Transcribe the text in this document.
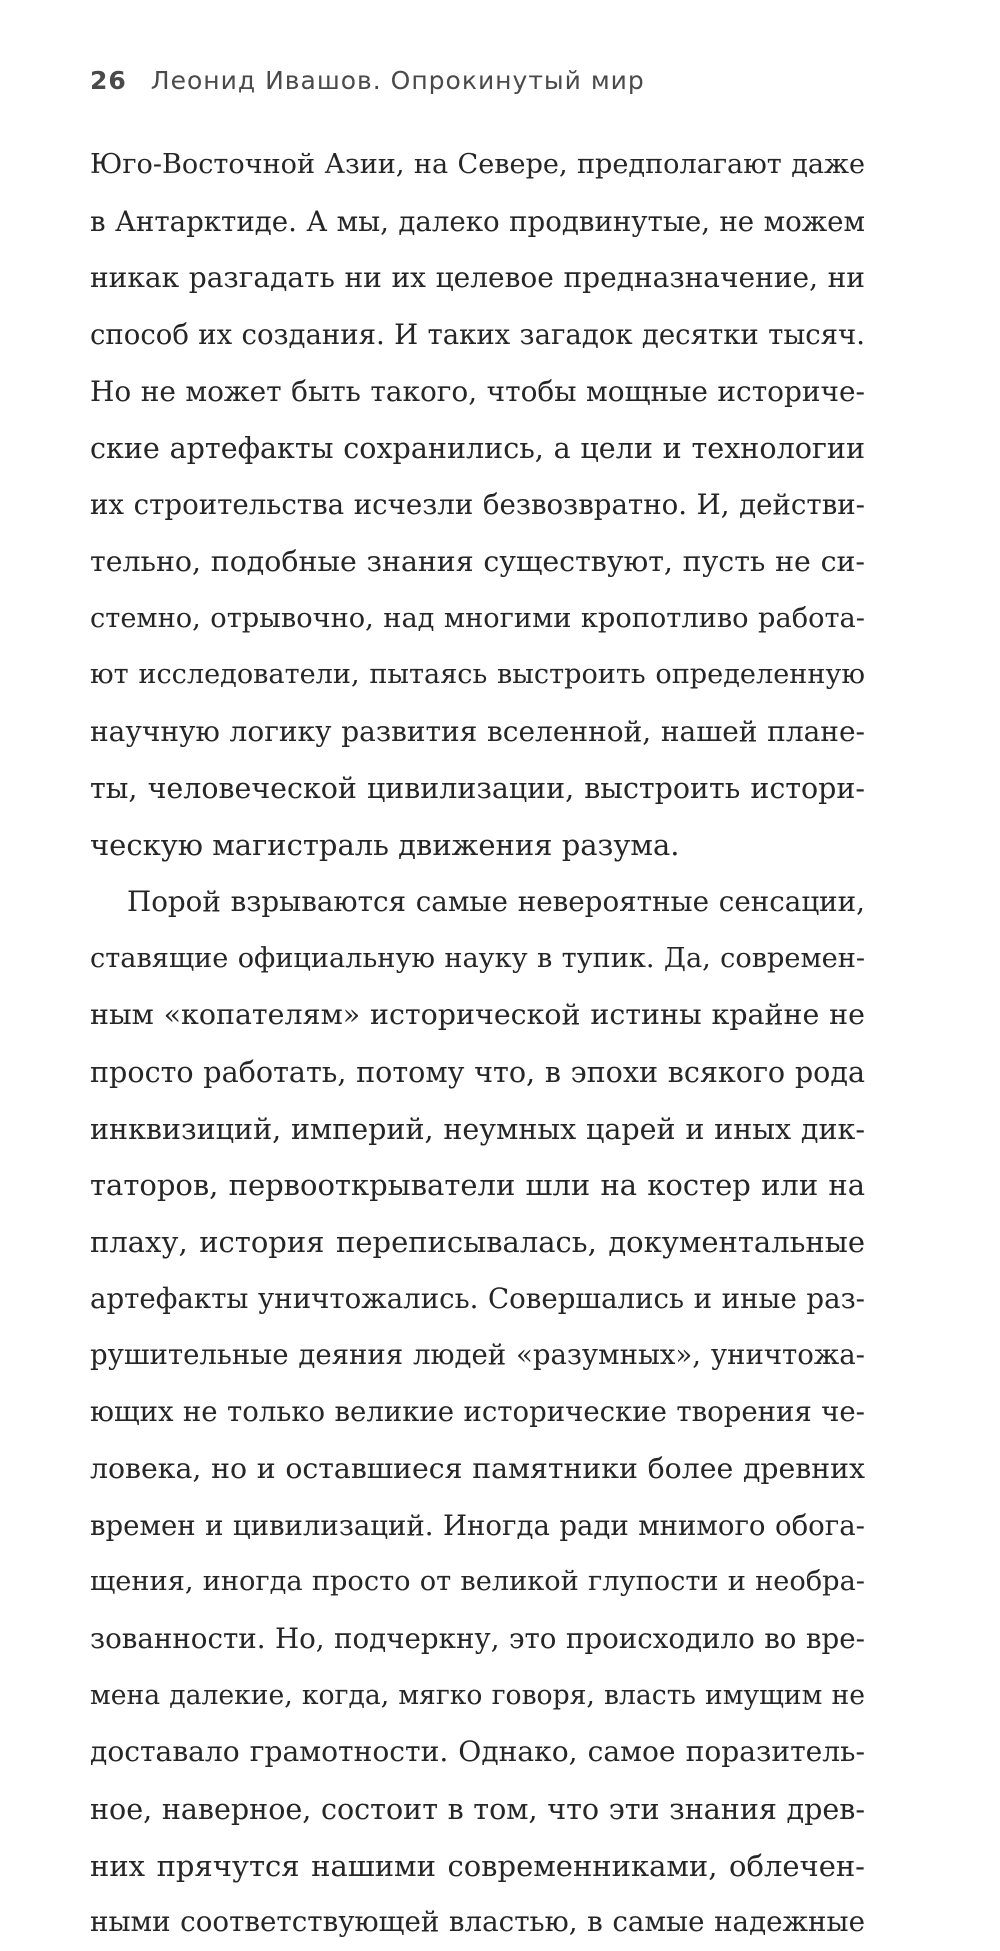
26 Леонид Ивашов. Опрокинутый мир
Юго-Восточной Азии, на Севере, предполагают даже
в Антарктиде. А мы, далеко продвинутые, не можем
никак разгадать ни их целевое предназначение, ни
способ их создания. И таких загадок десятки тысяч.
Но не может быть такого, чтобы мощные историче-
ские артефакты сохранились, а цели и технологии
их строительства исчезли безвозвратно. И, действи-
тельно, подобные знания существуют, пусть не си-
стемно, отрывочно, над многими кропотливо работа-
ют исследователи, пытаясь выстроить определенную
научную логику развития вселенной, нашей плане-
ты, человеческой цивилизации, выстроить истори-
ческую магистраль движения разума.
Порой взрываются самые невероятные сенсации,
ставящие официальную науку в тупик. Да, современ-
ным «копателям» исторической истины крайне не
просто работать, потому что, в эпохи всякого рода
инквизиций, империй, неумных царей и иных дик-
таторов, первооткрыватели шли на костер или на
плаху, история переписывалась, документальные
артефакты уничтожались. Совершались и иные раз-
рушительные деяния людей «разумных», уничтожа-
ющих не только великие исторические творения че-
ловека, но и оставшиеся памятники более древних
времен и цивилизаций. Иногда ради мнимого обога-
щения, иногда просто от великой глупости и необра-
зованности. Но, подчеркну, это происходило во вре-
мена далекие, когда, мягко говоря, власть имущим не
доставало грамотности. Однако, самое поразитель-
ное, наверное, состоит в том, что эти знания древ-
них прячутся нашими современниками, облечен-
ными соответствующей властью, в самые надежные
